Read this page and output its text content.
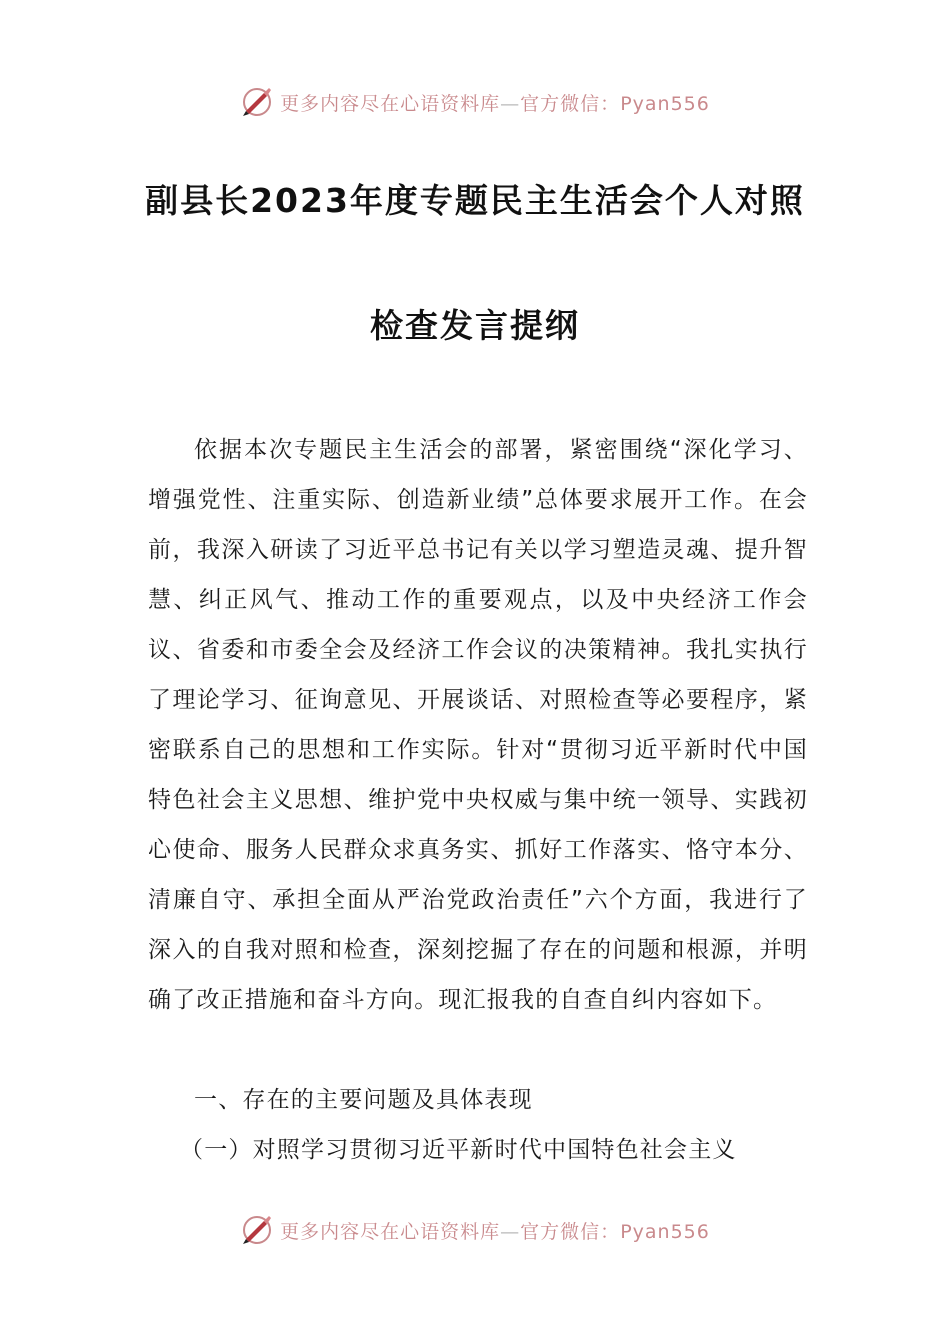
更多内容尽在心语资料库—官方微信：Pyan556
副县长2023年度专题民主生活会个人对照
检查发言提纲
依据本次专题民主生活会的部署，紧密围绕“深化学习、增强党性、注重实际、创造新业绩”总体要求展开工作。在会前，我深入研读了习近平总书记有关以学习塑造灵魂、提升智慧、纠正风气、推动工作的重要观点，以及中央经济工作会议、省委和市委全会及经济工作会议的决策精神。我扎实执行了理论学习、征询意见、开展谈话、对照检查等必要程序，紧密联系自己的思想和工作实际。针对“贯彻习近平新时代中国特色社会主义思想、维护党中央权威与集中统一领导、实践初心使命、服务人民群众求真务实、抓好工作落实、恪守本分、清廉自守、承担全面从严治党政治责任”六个方面，我进行了深入的自我对照和检查，深刻挖掘了存在的问题和根源，并明确了改正措施和奋斗方向。现汇报我的自查自纠内容如下。
一、存在的主要问题及具体表现
（一）对照学习贯彻习近平新时代中国特色社会主义
更多内容尽在心语资料库—官方微信：Pyan556
